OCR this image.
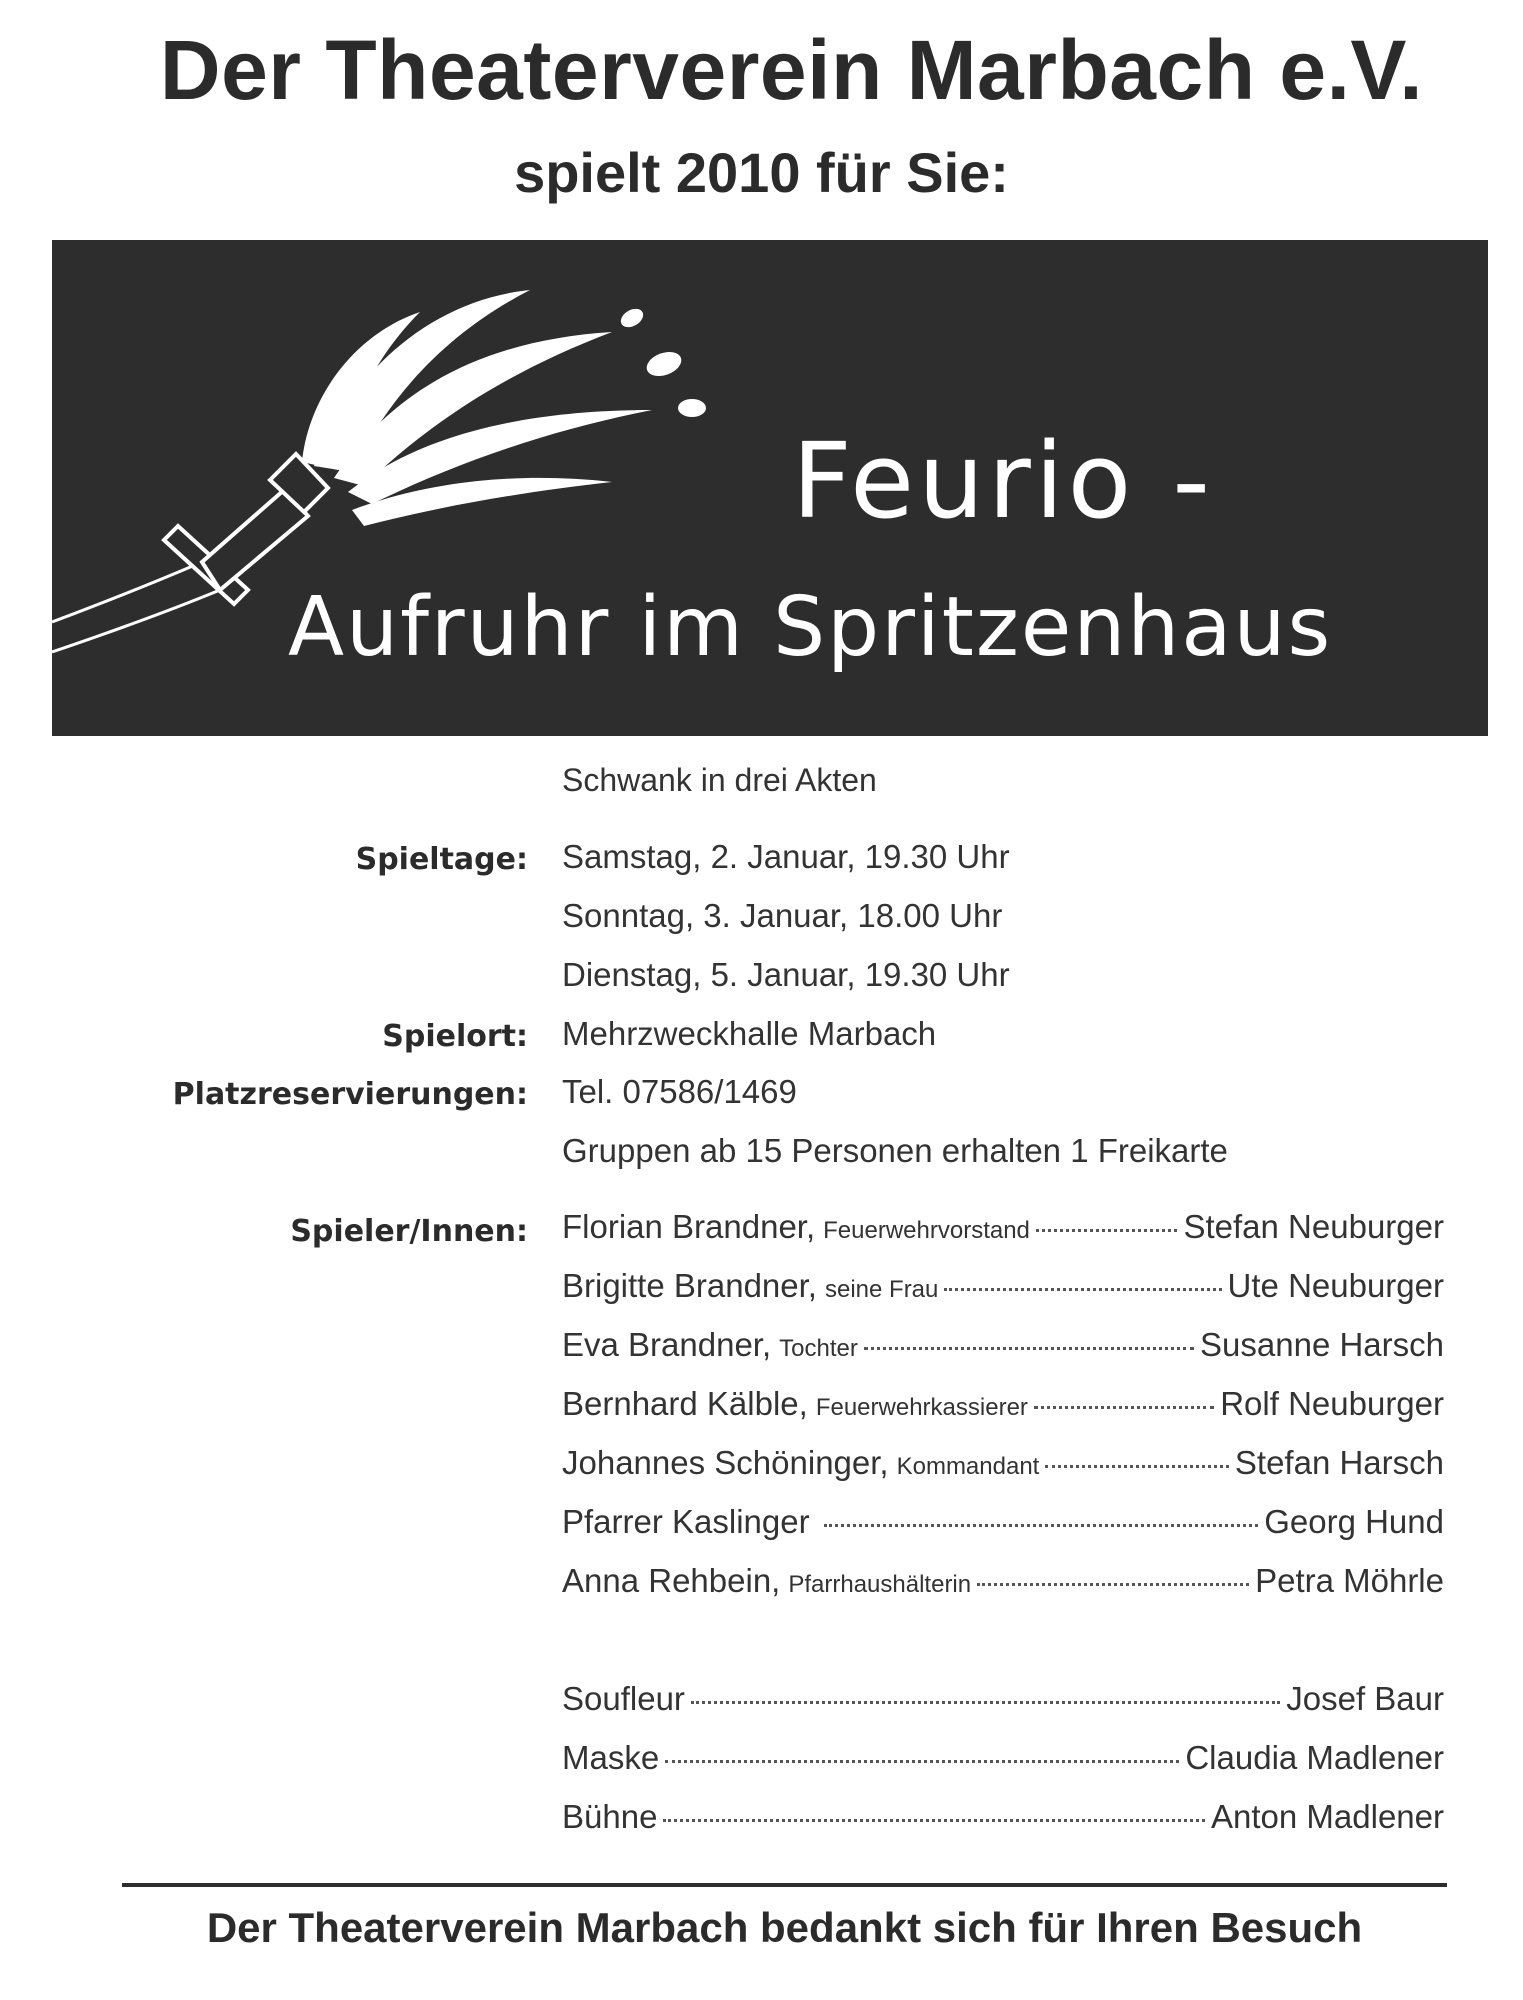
Der Theaterverein Marbach e.V.
spielt 2010 für Sie:
Feurio -
Aufruhr im Spritzenhaus
Schwank in drei Akten
Spieltage: Samstag, 2. Januar, 19.30 Uhr
Sonntag, 3. Januar, 18.00 Uhr
Dienstag, 5. Januar, 19.30 Uhr
Spielort: Mehrzweckhalle Marbach
Platzreservierungen: Tel. 07586/1469
Gruppen ab 15 Personen erhalten 1 Freikarte
Spieler/Innen: Florian Brandner, Feuerwehrvorstand	Stefan Neuburger
Brigitte Brandner, seine Frau	Ute Neuburger
Eva Brandner, Tochter	Susanne Harsch
Bernhard Kälble, Feuerwehrkassierer	Rolf Neuburger
Johannes Schöninger, Kommandant	Stefan Harsch
Pfarrer Kaslinger	Georg Hund
Anna Rehbein, Pfarrhaushälterin	Petra Möhrle
Soufleur	Josef Baur
Maske	Claudia Madlener
Bühne	Anton Madlener
Der Theaterverein Marbach bedankt sich für Ihren Besuch
